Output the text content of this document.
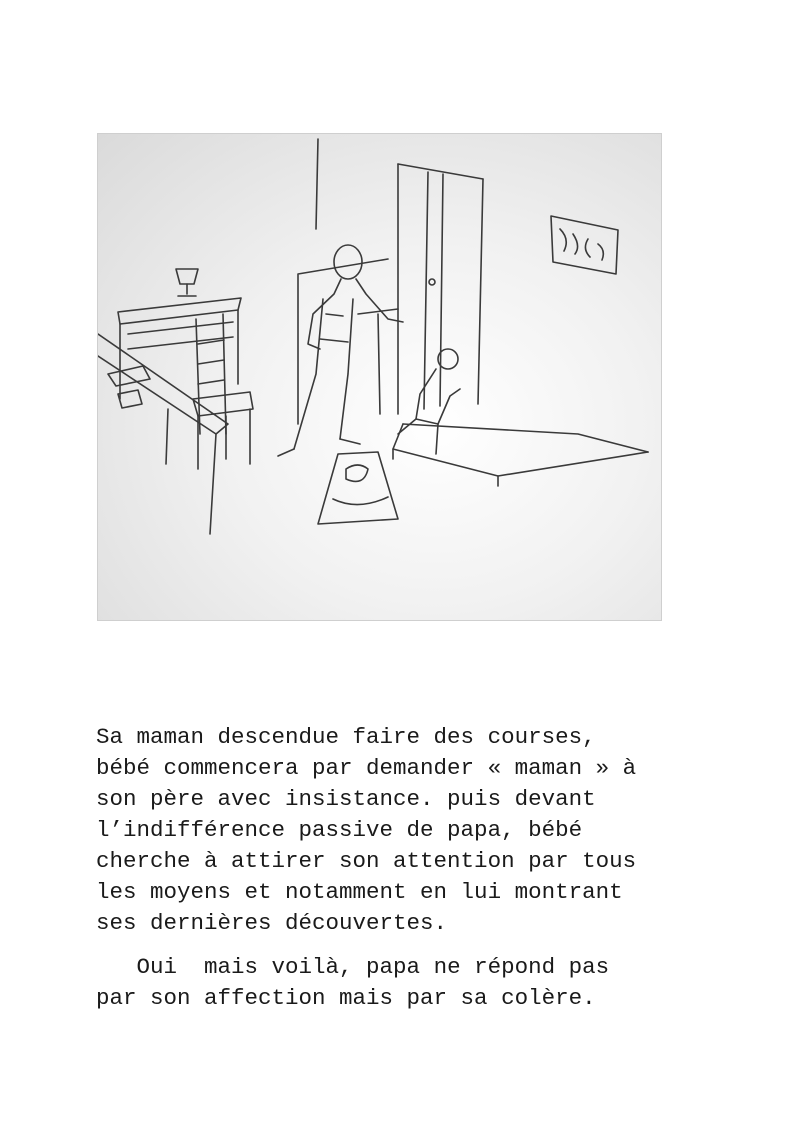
Sa maman descendue faire des courses,
bébé commencera par demander « maman » à
son père avec insistance. puis devant
l’indifférence passive de papa, bébé
cherche à attirer son attention par tous
les moyens et notamment en lui montrant
ses dernières découvertes.

Oui  mais voilà, papa ne répond pas
par son affection mais par sa colère.
